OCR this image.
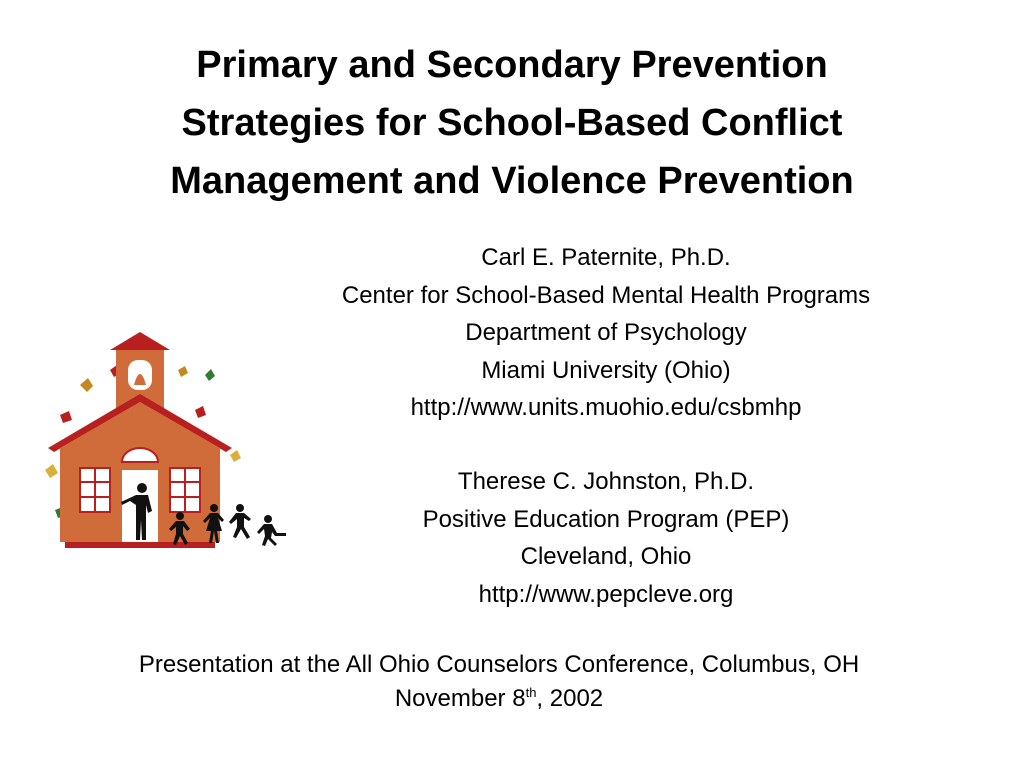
Primary and Secondary Prevention
Strategies for School-Based Conflict
Management and Violence Prevention
Carl E. Paternite, Ph.D.
Center for School-Based Mental Health Programs
Department of Psychology
Miami University (Ohio)
http://www.units.muohio.edu/csbmhp
Therese C. Johnston, Ph.D.
Positive Education Program (PEP)
Cleveland, Ohio
http://www.pepcleve.org
Presentation at the All Ohio Counselors Conference, Columbus, OH
November 8th, 2002
